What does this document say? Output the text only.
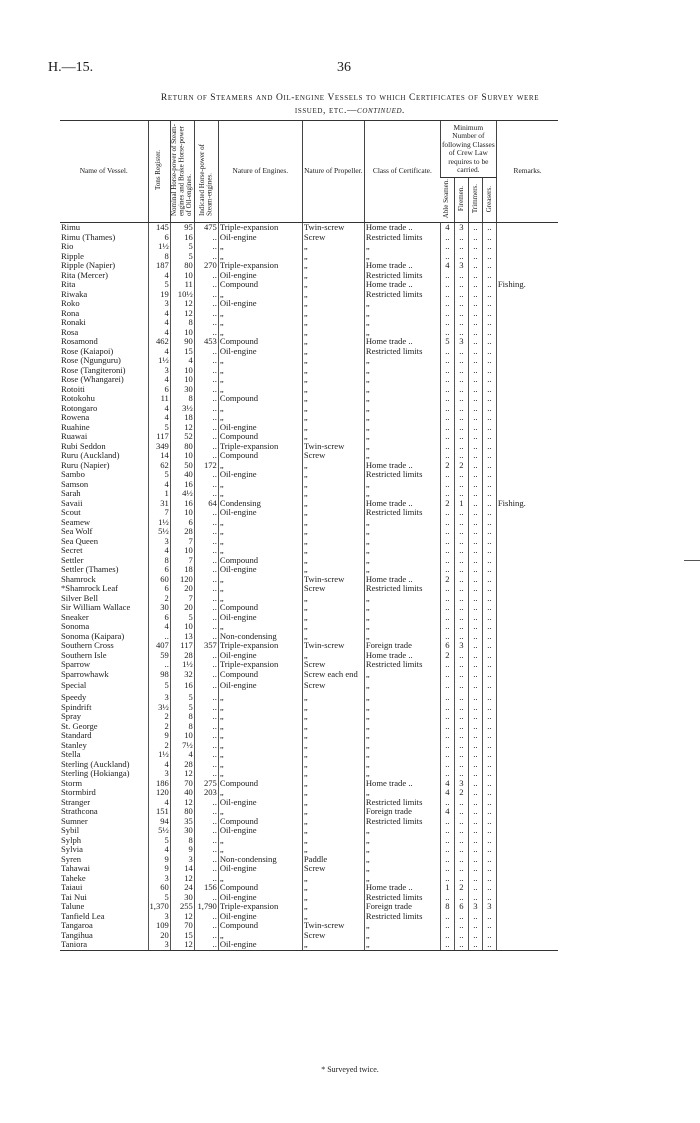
H.—15.	36
Return of Steamers and Oil-engine Vessels to which Certificates of Survey were
issued, etc.—continued.
Name of Vessel.	Tons Register.	Nominal Horse-power of Steam-engines and Brake Horse-power of Oil-engines.	Indicated Horse-power of Steam-engines.	Nature of Engines.	Nature of Propeller.	Class of Certificate.	Minimum Number of following Classes of Crew Law requires to be carried.				Remarks.
							Able Seamen.	Firemen.	Trimmers.	Greasers.	
Rimu	145	95	475	Triple-expansion	Twin-screw	Home trade ..	4	3	..	..	
Rimu (Thames)	6	16	..	Oil-engine	Screw	Restricted limits	..	..	..	..	
Rio	1½	5	..	„	„	„	..	..	..	..	
Ripple	8	5	..	„	„	„	..	..	..	..	
Ripple (Napier)	187	80	270	Triple-expansion	„	Home trade ..	4	3	..	..	
Rita (Mercer)	4	10	..	Oil-engine	„	Restricted limits	..	..	..	..	
Rita	5	11	..	Compound	„	Home trade ..	..	..	..	..	Fishing.
Riwaka	19	10½	..	„	„	Restricted limits	..	..	..	..	
Roko	3	12	..	Oil-engine	„	„	..	..	..	..	
Rona	4	12	..	„	„	„	..	..	..	..	
Ronaki	4	8	..	„	„	„	..	..	..	..	
Rosa	4	10	..	„	„	„	..	..	..	..	
Rosamond	462	90	453	Compound	„	Home trade ..	5	3	..	..	
Rose (Kaiapoi)	4	15	..	Oil-engine	„	Restricted limits	..	..	..	..	
Rose (Ngunguru)	1½	4	..	„	„	„	..	..	..	..	
Rose (Tangiteroni)	3	10	..	„	„	„	..	..	..	..	
Rose (Whangarei)	4	10	..	„	„	„	..	..	..	..	
Rotoiti	6	30	..	„	„	„	..	..	..	..	
Rotokohu	11	8	..	Compound	„	„	..	..	..	..	
Rotongaro	4	3½	..	„	„	„	..	..	..	..	
Rowena	4	18	..	„	„	„	..	..	..	..	
Ruahine	5	12	..	Oil-engine	„	„	..	..	..	..	
Ruawai	117	52	..	Compound	„	„	..	..	..	..	
Rubi Seddon	349	80	..	Triple-expansion	Twin-screw	„	..	..	..	..	
Ruru (Auckland)	14	10	..	Compound	Screw	„	..	..	..	..	
Ruru (Napier)	62	50	172	„	„	Home trade ..	2	2	..	..	
Sambo	5	40	..	Oil-engine	„	Restricted limits	..	..	..	..	
Samson	4	16	..	„	„	„	..	..	..	..	
Sarah	1	4½	..	„	„	„	..	..	..	..	
Savaii	31	16	64	Condensing	„	Home trade ..	2	1	..	..	Fishing.
Scout	7	10	..	Oil-engine	„	Restricted limits	..	..	..	..	
Seamew	1½	6	..	„	„	„	..	..	..	..	
Sea Wolf	5½	28	..	„	„	„	..	..	..	..	
Sea Queen	3	7	..	„	„	„	..	..	..	..	
Secret	4	10	..	„	„	„	..	..	..	..	
Settler	8	7	..	Compound	„	„	..	..	..	..	
Settler (Thames)	6	18	..	Oil-engine	„	„	..	..	..	..	
Shamrock	60	120	..	„	Twin-screw	Home trade ..	2	..	..	..	
*Shamrock Leaf	6	20	..	„	Screw	Restricted limits	..	..	..	..	
Silver Bell	2	7	..	„	„	„	..	..	..	..	
Sir William Wallace	30	20	..	Compound	„	„	..	..	..	..	
Sneaker	6	5	..	Oil-engine	„	„	..	..	..	..	
Sonoma	4	10	..	„	„	„	..	..	..	..	
Sonoma (Kaipara)	..	13	..	Non-condensing	„	„	..	..	..	..	
Southern Cross	407	117	357	Triple-expansion	Twin-screw	Foreign trade	6	3	..	..	
Southern Isle	59	28	..	Oil-engine	„	Home trade ..	2	..	..	..	
Sparrow	..	1½	..	Triple-expansion	Screw	Restricted limits	..	..	..	..	
Sparrowhawk	98	32	..	Compound	Screw each end	„	..	..	..	..	
Special	5	16	..	Oil-engine	Screw	„	..	..	..	..	
Speedy	3	5	..	„	„	„	..	..	..	..	
Spindrift	3½	5	..	„	„	„	..	..	..	..	
Spray	2	8	..	„	„	„	..	..	..	..	
St. George	2	8	..	„	„	„	..	..	..	..	
Standard	9	10	..	„	„	„	..	..	..	..	
Stanley	2	7½	..	„	„	„	..	..	..	..	
Stella	1½	4	..	„	„	„	..	..	..	..	
Sterling (Auckland)	4	28	..	„	„	„	..	..	..	..	
Sterling (Hokianga)	3	12	..	„	„	„	..	..	..	..	
Storm	186	70	275	Compound	„	Home trade ..	4	3	..	..	
Stormbird	120	40	203	„	„	„	4	2	..	..	
Stranger	4	12	..	Oil-engine	„	Restricted limits	..	..	..	..	
Strathcona	151	80	..	„	„	Foreign trade	4	..	..	..	
Sumner	94	35	..	Compound	„	Restricted limits	..	..	..	..	
Sybil	5½	30	..	Oil-engine	„	„	..	..	..	..	
Sylph	5	8	..	„	„	„	..	..	..	..	
Sylvia	4	9	..	„	„	„	..	..	..	..	
Syren	9	3	..	Non-condensing	Paddle	„	..	..	..	..	
Tahawai	9	14	..	Oil-engine	Screw	„	..	..	..	..	
Taheke	3	12	..	„	„	„	..	..	..	..	
Taiaui	60	24	156	Compound	„	Home trade ..	1	2	..	..	
Tai Nui	5	30	..	Oil-engine	„	Restricted limits	..	..	..	..	
Talune	1,370	255	1,790	Triple-expansion	„	Foreign trade	8	6	3	3	
Tanfield Lea	3	12	..	Oil-engine	„	Restricted limits	..	..	..	..	
Tangaroa	109	70	..	Compound	Twin-screw	„	..	..	..	..	
Tangihua	20	15	..	„	Screw	„	..	..	..	..	
Taniora	3	12	..	Oil-engine	„	„	..	..	..	..	
* Surveyed twice.
